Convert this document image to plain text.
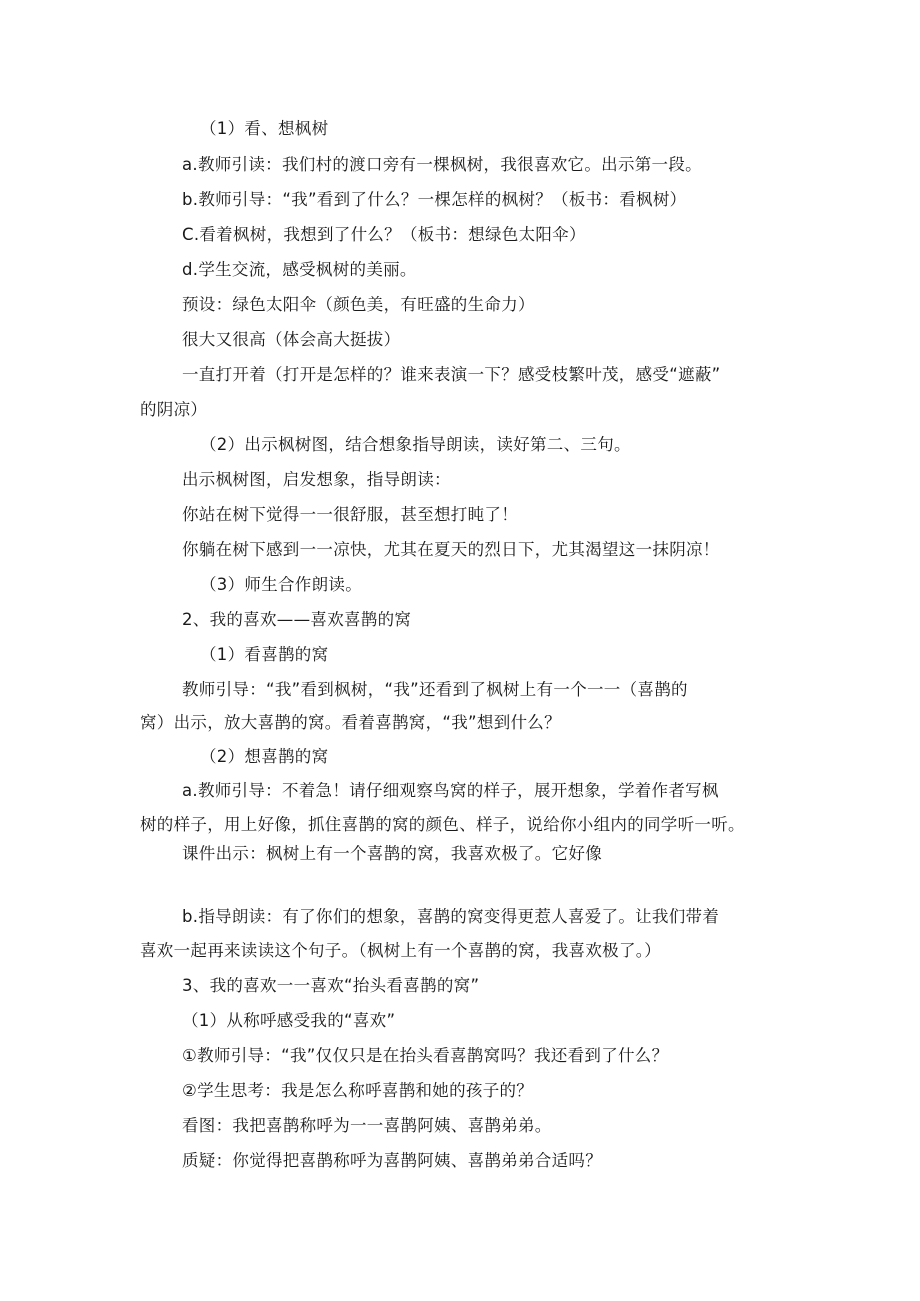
（1）看、想枫树
a.教师引读：我们村的渡口旁有一棵枫树，我很喜欢它。出示第一段。
b.教师引导：“我”看到了什么？一棵怎样的枫树？（板书：看枫树）
C.看着枫树，我想到了什么？（板书：想绿色太阳伞）
d.学生交流，感受枫树的美丽。
预设：绿色太阳伞（颜色美，有旺盛的生命力）
很大又很高（体会高大挺拔）
一直打开着（打开是怎样的？谁来表演一下？感受枝繁叶茂，感受“遮蔽”
的阴凉）
（2）出示枫树图，结合想象指导朗读，读好第二、三句。
出示枫树图，启发想象，指导朗读：
你站在树下觉得一一很舒服，甚至想打盹了！
你躺在树下感到一一凉快，尤其在夏天的烈日下，尤其渴望这一抹阴凉！
（3）师生合作朗读。
2、我的喜欢——喜欢喜鹊的窝
（1）看喜鹊的窝
教师引导：“我”看到枫树，“我”还看到了枫树上有一个一一（喜鹊的
窝）出示，放大喜鹊的窝。看着喜鹊窝，“我”想到什么？
（2）想喜鹊的窝
a.教师引导：不着急！请仔细观察鸟窝的样子，展开想象，学着作者写枫
树的样子，用上好像，抓住喜鹊的窝的颜色、样子，说给你小组内的同学听一听。
课件出示：枫树上有一个喜鹊的窝，我喜欢极了。它好像
b.指导朗读：有了你们的想象，喜鹊的窝变得更惹人喜爱了。让我们带着
喜欢一起再来读读这个句子。（枫树上有一个喜鹊的窝，我喜欢极了。）
3、我的喜欢一一喜欢“抬头看喜鹊的窝”
（1）从称呼感受我的“喜欢”
①教师引导：“我”仅仅只是在抬头看喜鹊窝吗？我还看到了什么？
②学生思考：我是怎么称呼喜鹊和她的孩子的？
看图：我把喜鹊称呼为一一喜鹊阿姨、喜鹊弟弟。
质疑：你觉得把喜鹊称呼为喜鹊阿姨、喜鹊弟弟合适吗？
